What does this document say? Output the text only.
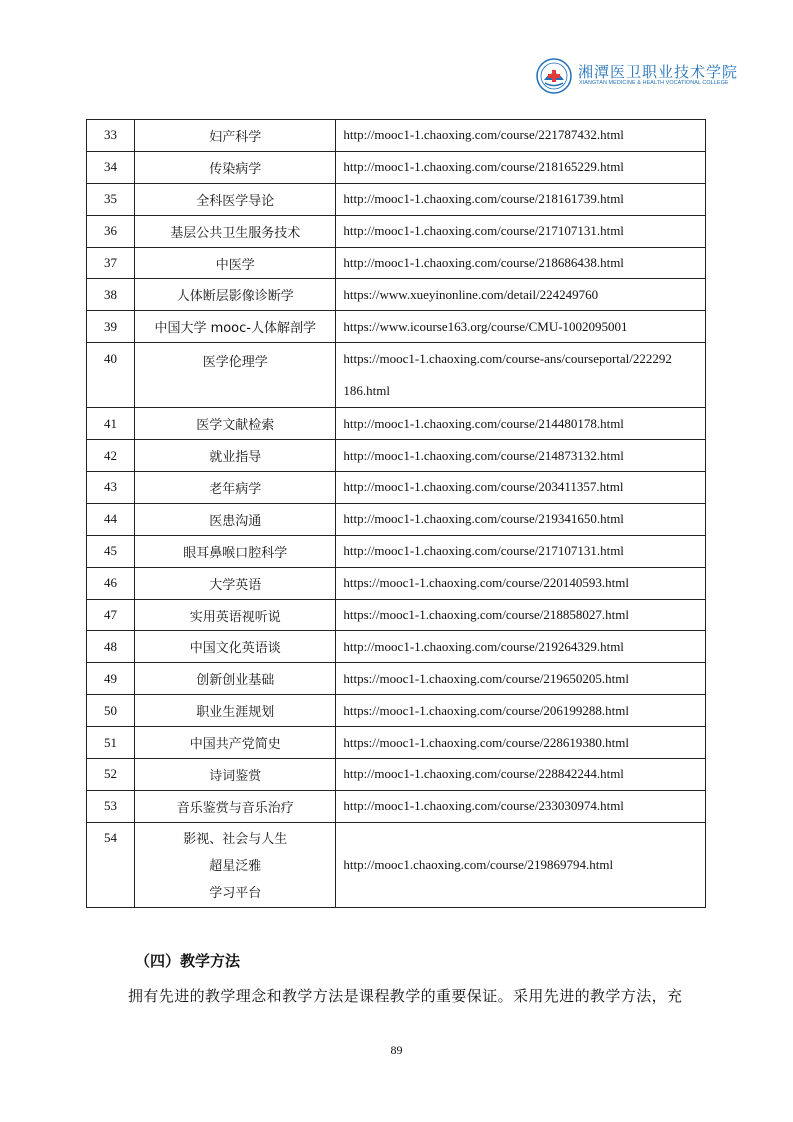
湘潭医卫职业技术学院
XIANGTAN MEDICINE & HEALTH VOCATIONAL COLLEGE
33	妇产科学	http://mooc1-1.chaoxing.com/course/221787432.html
34	传染病学	http://mooc1-1.chaoxing.com/course/218165229.html
35	全科医学导论	http://mooc1-1.chaoxing.com/course/218161739.html
36	基层公共卫生服务技术	http://mooc1-1.chaoxing.com/course/217107131.html
37	中医学	http://mooc1-1.chaoxing.com/course/218686438.html
38	人体断层影像诊断学	https://www.xueyinonline.com/detail/224249760
39	中国大学 mooc-人体解剖学	https://www.icourse163.org/course/CMU-1002095001
40	医学伦理学	https://mooc1-1.chaoxing.com/course-ans/courseportal/222292
186.html

41	医学文献检索	http://mooc1-1.chaoxing.com/course/214480178.html
42	就业指导	http://mooc1-1.chaoxing.com/course/214873132.html
43	老年病学	http://mooc1-1.chaoxing.com/course/203411357.html
44	医患沟通	http://mooc1-1.chaoxing.com/course/219341650.html
45	眼耳鼻喉口腔科学	http://mooc1-1.chaoxing.com/course/217107131.html
46	大学英语	https://mooc1-1.chaoxing.com/course/220140593.html
47	实用英语视听说	https://mooc1-1.chaoxing.com/course/218858027.html
48	中国文化英语谈	http://mooc1-1.chaoxing.com/course/219264329.html
49	创新创业基础	https://mooc1-1.chaoxing.com/course/219650205.html
50	职业生涯规划	https://mooc1-1.chaoxing.com/course/206199288.html
51	中国共产党简史	https://mooc1-1.chaoxing.com/course/228619380.html
52	诗词鉴赏	http://mooc1-1.chaoxing.com/course/228842244.html
53	音乐鉴赏与音乐治疗	http://mooc1-1.chaoxing.com/course/233030974.html
54	影视、社会与人生
超星泛雅
学习平台	http://mooc1.chaoxing.com/course/219869794.html
（四）教学方法
拥有先进的教学理念和教学方法是课程教学的重要保证。采用先进的教学方法，充
89
